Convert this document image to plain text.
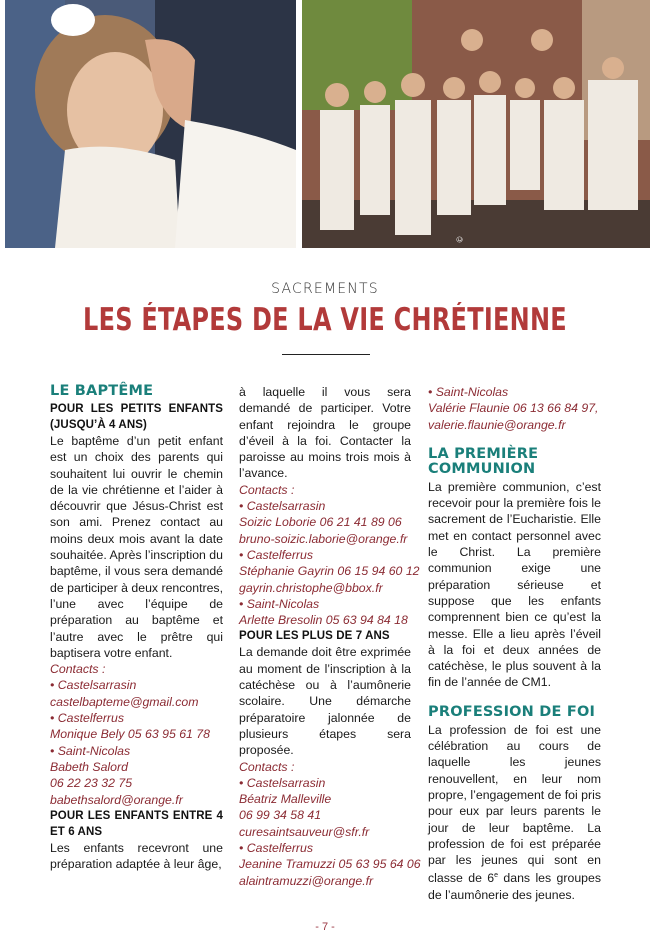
©
SACREMENTS
LES ÉTAPES DE LA VIE CHRÉTIENNE
LE BAPTÊME
POUR LES PETITS ENFANTS (JUSQU’À 4 ANS)

Le baptême d’un petit enfant est un choix des parents qui souhaitent lui ouvrir le chemin de la vie chrétienne et l’aider à découvrir que Jésus-Christ est son ami. Prenez contact au moins deux mois avant la date souhaitée. Après l’inscription du baptême, il vous sera demandé de participer à deux rencontres, l’une avec l’équipe de préparation au baptême et l’autre avec le prêtre qui baptisera votre enfant.

Contacts :

• Castelsarrasin

castelbapteme@gmail.com

• Castelferrus

Monique Bely 05 63 95 61 78

• Saint-Nicolas

Babeth Salord

06 22 23 32 75

babethsalord@orange.fr

POUR LES ENFANTS ENTRE 4 ET 6 ANS

Les enfants recevront une préparation adaptée à leur âge,

à laquelle il vous sera demandé de participer. Votre enfant rejoindra le groupe d’éveil à la foi. Contacter la paroisse au moins trois mois à l’avance.

Contacts :

• Castelsarrasin

Soizic Loborie 06 21 41 89 06

bruno-soizic.laborie@orange.fr

• Castelferrus

Stéphanie Gayrin 06 15 94 60 12

gayrin.christophe@bbox.fr

• Saint-Nicolas

Arlette Bresolin 05 63 94 84 18

POUR LES PLUS DE 7 ANS

La demande doit être exprimée au moment de l’inscription à la catéchèse ou à l’aumônerie scolaire. Une démarche préparatoire jalonnée de plusieurs étapes sera proposée.

Contacts :

• Castelsarrasin

Béatriz Malleville

06 99 34 58 41

curesaintsauveur@sfr.fr

• Castelferrus

Jeanine Tramuzzi 05 63 95 64 06

alaintramuzzi@orange.fr

• Saint-Nicolas

Valérie Flaunie 06 13 66 84 97,

valerie.flaunie@orange.fr

LA PREMIÈRE
COMMUNION

La première communion, c’est recevoir pour la première fois le sacrement de l’Eucharistie. Elle met en contact personnel avec le Christ. La première communion exige une préparation sérieuse et suppose que les enfants comprennent bien ce qu’est la messe. Elle a lieu après l’éveil à la foi et deux années de catéchèse, le plus souvent à la fin de l’année de CM1.

PROFESSION DE FOI

La profession de foi est une célébration au cours de laquelle les jeunes renouvellent, en leur nom propre, l’engagement de foi pris pour eux par leurs parents le jour de leur baptême. La profession de foi est préparée par les jeunes qui sont en classe de 6e dans les groupes de l’aumônerie des jeunes.

- 7 -
